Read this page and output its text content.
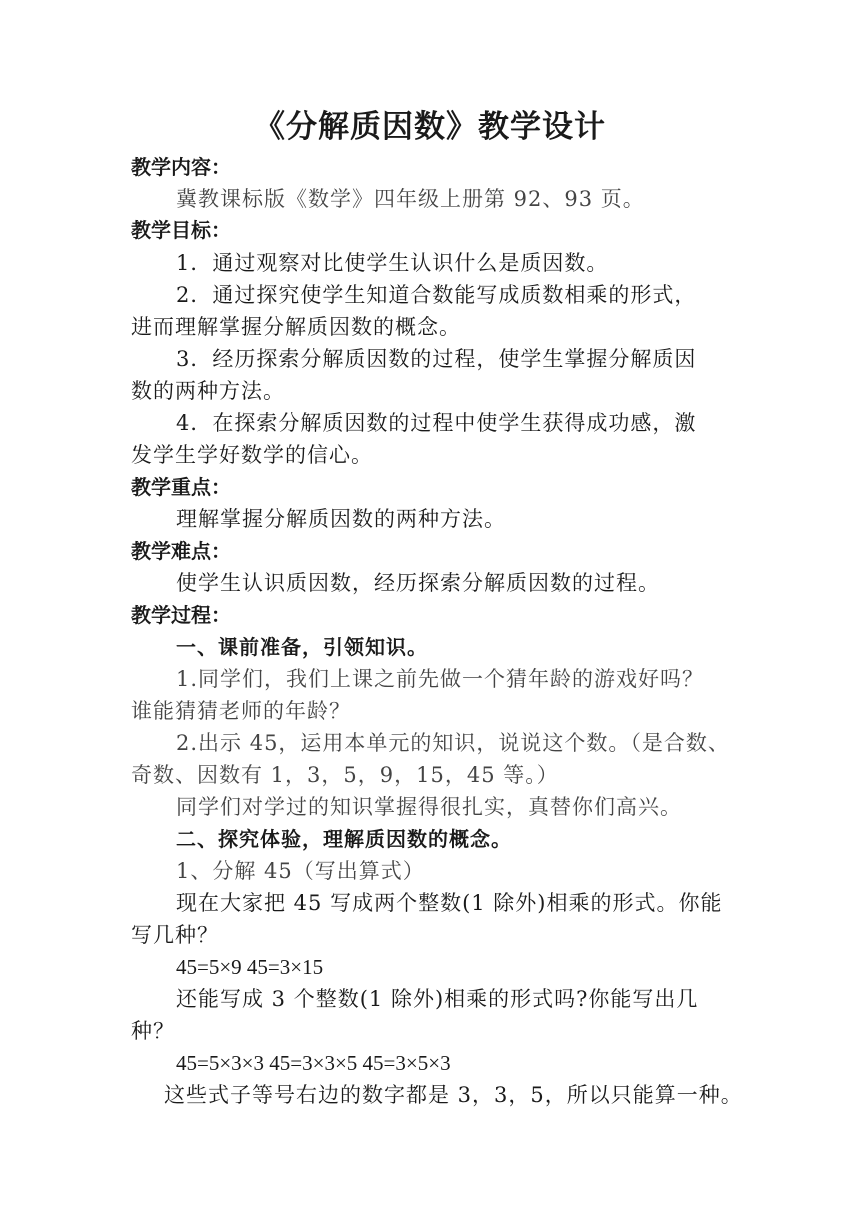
《分解质因数》教学设计
教学内容：
冀教课标版《数学》四年级上册第 92、93 页。
教学目标：
1．通过观察对比使学生认识什么是质因数。
2．通过探究使学生知道合数能写成质数相乘的形式，
进而理解掌握分解质因数的概念。
3．经历探索分解质因数的过程，使学生掌握分解质因
数的两种方法。
4．在探索分解质因数的过程中使学生获得成功感，激
发学生学好数学的信心。
教学重点：
理解掌握分解质因数的两种方法。
教学难点：
使学生认识质因数，经历探索分解质因数的过程。
教学过程：
一、课前准备，引领知识。
1.同学们，我们上课之前先做一个猜年龄的游戏好吗？
谁能猜猜老师的年龄？
2.出示 45，运用本单元的知识，说说这个数。（是合数、
奇数、因数有 1，3，5，9，15，45 等。）
同学们对学过的知识掌握得很扎实，真替你们高兴。
二、探究体验，理解质因数的概念。
1、分解 45（写出算式）
现在大家把 45 写成两个整数(1 除外)相乘的形式。你能
写几种？
45=5×9 45=3×15
还能写成 3 个整数(1 除外)相乘的形式吗?你能写出几
种？
45=5×3×3 45=3×3×5 45=3×5×3
这些式子等号右边的数字都是 3，3，5，所以只能算一种。
